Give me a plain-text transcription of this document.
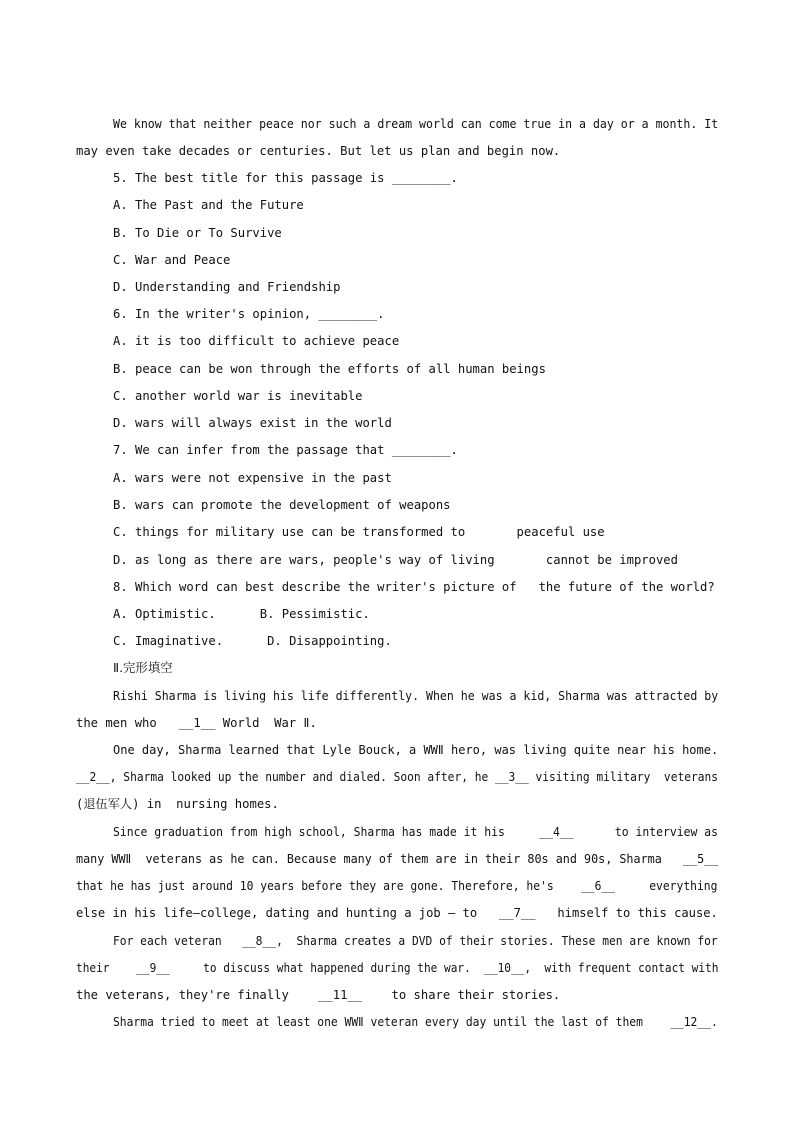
We know that neither peace nor such a dream world can come true in a day or a month. It
may even take decades or centuries. But let us plan and begin now.
5. The best title for this passage is ________.
A. The Past and the Future
B. To Die or To Survive
C. War and Peace
D. Understanding and Friendship
6. In the writer's opinion, ________.
A. it is too difficult to achieve peace
B. peace can be won through the efforts of all human beings
C. another world war is inevitable
D. wars will always exist in the world
7. We can infer from the passage that ________.
A. wars were not expensive in the past
B. wars can promote the development of weapons
C. things for military use can be transformed to       peaceful use
D. as long as there are wars, people's way of living       cannot be improved
8. Which word can best describe the writer's picture of   the future of the world?
A. Optimistic.      B. Pessimistic.
C. Imaginative.      D. Disappointing.
Ⅱ.完形填空
Rishi Sharma is living his life differently. When he was a kid, Sharma was attracted by
the men who   __1__ World  War Ⅱ.
One day, Sharma learned that Lyle Bouck, a WWⅡ hero, was living quite near his home.
__2__, Sharma looked up the number and dialed. Soon after, he __3__ visiting military  veterans
(退伍军人) in  nursing homes.
Since graduation from high school, Sharma has made it his     __4__      to interview as
many WWⅡ  veterans as he can. Because many of them are in their 80s and 90s, Sharma   __5__
that he has just around 10 years before they are gone. Therefore, he's    __6__     everything
else in his life—college, dating and hunting a job — to   __7__   himself to this cause.
For each veteran   __8__,  Sharma creates a DVD of their stories. These men are known for
their    __9__     to discuss what happened during the war.  __10__,  with frequent contact with
the veterans, they're finally    __11__    to share their stories.
Sharma tried to meet at least one WWⅡ veteran every day until the last of them    __12__.
